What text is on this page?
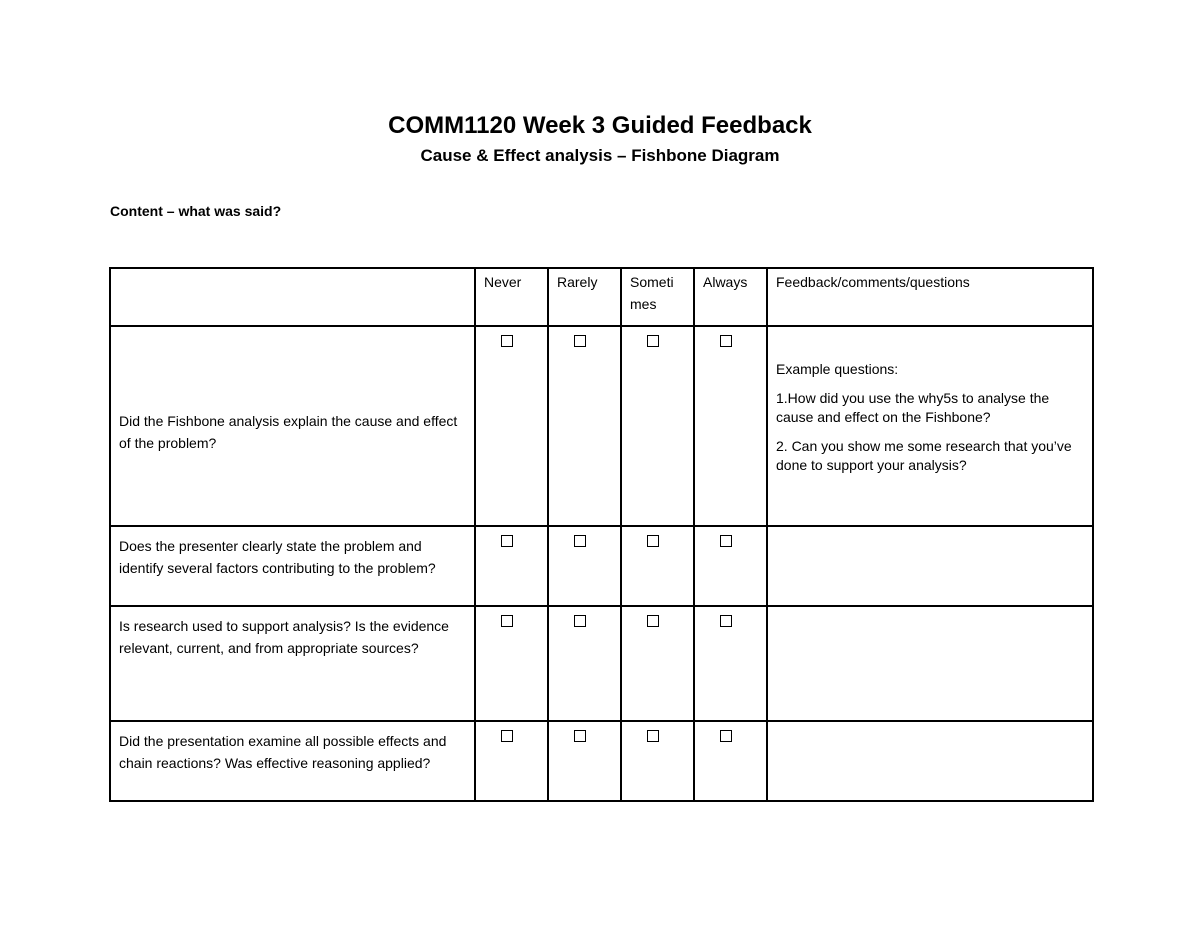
COMM1120 Week 3 Guided Feedback
Cause & Effect analysis – Fishbone Diagram
Content – what was said?
	Never	Rarely	Someti mes	Always	Feedback/comments/questions

Did the Fishbone analysis explain the cause and effect of the problem?					Example questions:
1.How did you use the why5s to analyse the cause and effect on the Fishbone?
2. Can you show me some research that you’ve done to support your analysis?

Does the presenter clearly state the problem and identify several factors contributing to the problem?					

Is research used to support analysis? Is the evidence relevant, current, and from appropriate sources?					

Did the presentation examine all possible effects and chain reactions? Was effective reasoning applied?					
